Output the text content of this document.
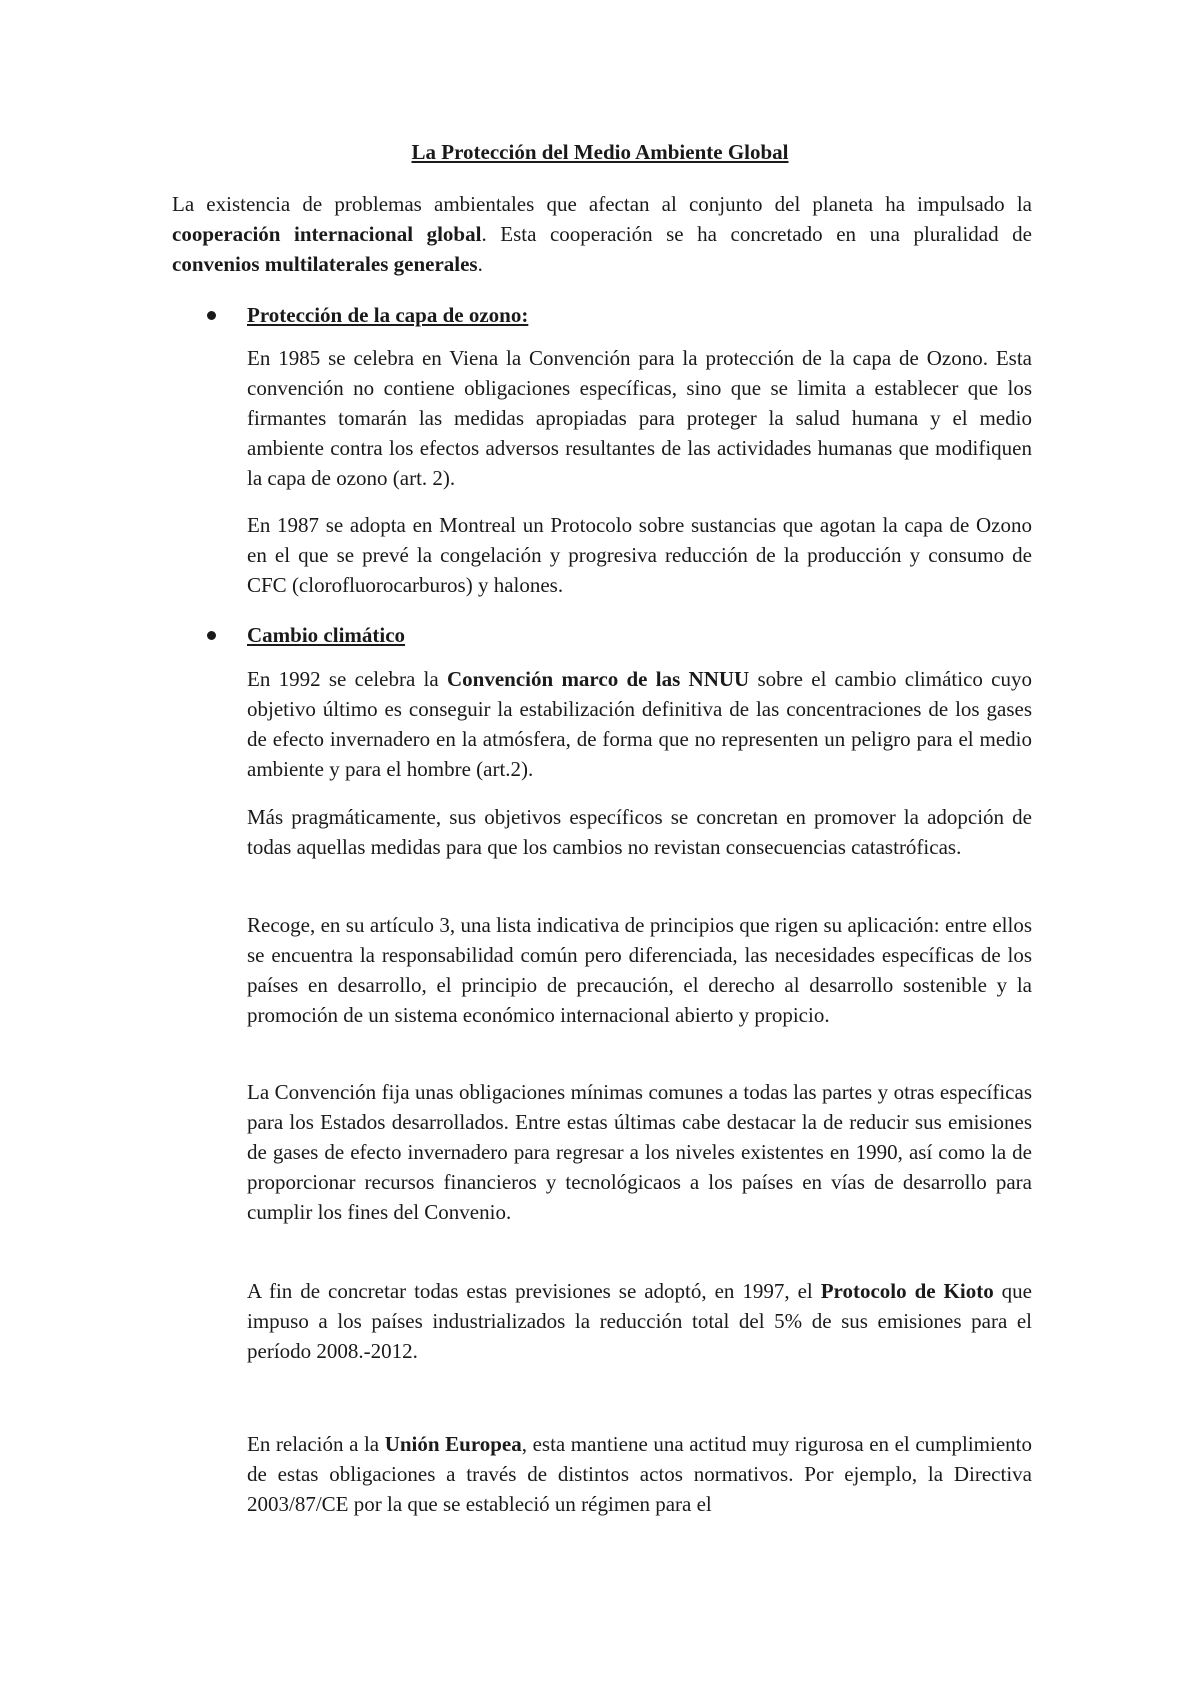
La Protección del Medio Ambiente Global

La existencia de problemas ambientales que afectan al conjunto del planeta ha impulsado la cooperación internacional global. Esta cooperación se ha concretado en una pluralidad de convenios multilaterales generales.

Protección de la capa de ozono:

En 1985 se celebra en Viena la Convención para la protección de la capa de Ozono. Esta convención no contiene obligaciones específicas, sino que se limita a establecer que los firmantes tomarán las medidas apropiadas para proteger la salud humana y el medio ambiente contra los efectos adversos resultantes de las actividades humanas que modifiquen la capa de ozono (art. 2).

En 1987 se adopta en Montreal un Protocolo sobre sustancias que agotan la capa de Ozono en el que se prevé la congelación y progresiva reducción de la producción y consumo de CFC (clorofluorocarburos) y halones.

Cambio climático

En 1992 se celebra la Convención marco de las NNUU sobre el cambio climático cuyo objetivo último es conseguir la estabilización definitiva de las concentraciones de los gases de efecto invernadero en la atmósfera, de forma que no representen un peligro para el medio ambiente y para el hombre (art.2).

Más pragmáticamente, sus objetivos específicos se concretan en promover la adopción de todas aquellas medidas para que los cambios no revistan consecuencias catastróficas.

Recoge, en su artículo 3, una lista indicativa de principios que rigen su aplicación: entre ellos se encuentra la responsabilidad común pero diferenciada, las necesidades específicas de los países en desarrollo, el principio de precaución, el derecho al desarrollo sostenible y la promoción de un sistema económico internacional abierto y propicio.

La Convención fija unas obligaciones mínimas comunes a todas las partes y otras específicas para los Estados desarrollados. Entre estas últimas cabe destacar la de reducir sus emisiones de gases de efecto invernadero para regresar a los niveles existentes en 1990, así como la de proporcionar recursos financieros y tecnológicaos a los países en vías de desarrollo para cumplir los fines del Convenio.

A fin de concretar todas estas previsiones se adoptó, en 1997, el Protocolo de Kioto que impuso a los países industrializados la reducción total del 5% de sus emisiones para el período 2008.-2012.

En relación a la Unión Europea, esta mantiene una actitud muy rigurosa en el cumplimiento de estas obligaciones a través de distintos actos normativos. Por ejemplo, la Directiva 2003/87/CE por la que se estableció un régimen para el
